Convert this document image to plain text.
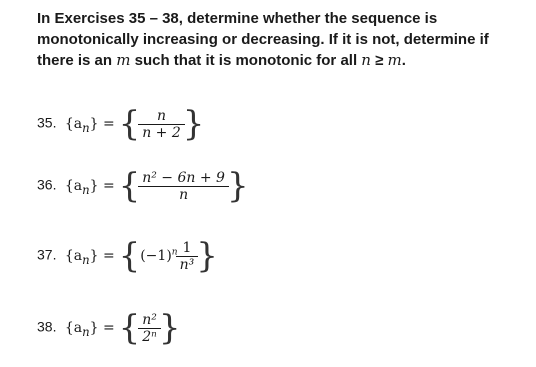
In Exercises 35 – 38, determine whether the sequence is monotonically increasing or decreasing. If it is not, determine if there is an m such that it is monotonic for all n ≥ m.
35. $\{a_n\}$ = { $\frac{n}{n + 2}$ }
36. $\{a_n\}$ = { $\frac{\text{n² − 6n + 9}}{n}$ }
37. $\{a_n\} = \{(-1)^n \frac{1}{\text{n³}}$ }
38. $\{a_n\}$ = { $\frac{\text{n²}}{\text{2ⁿ}}$ }
